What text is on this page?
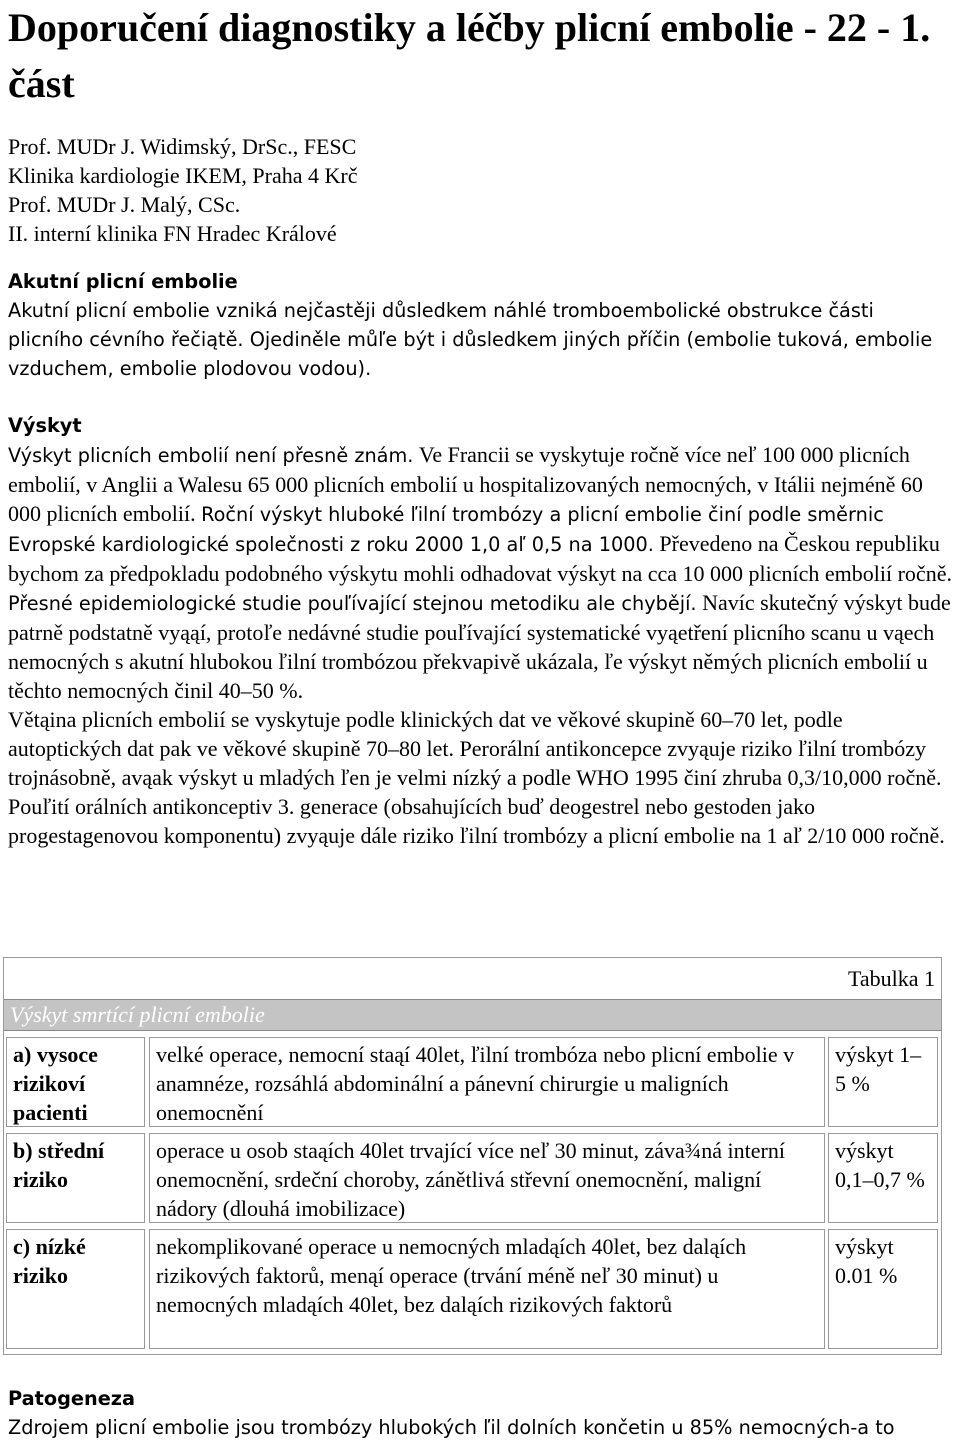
Doporučení diagnostiky a léčby plicní embolie - 22 - 1. část
Prof. MUDr J. Widimský, DrSc., FESC
Klinika kardiologie IKEM, Praha 4 Krč
Prof. MUDr J. Malý, CSc.
II. interní klinika FN Hradec Králové
Akutní plicní embolie
Akutní plicní embolie vzniká nejčastěji důsledkem náhlé tromboembolické obstrukce části plicního cévního řečiątě. Ojediněle můľe být i důsledkem jiných příčin (embolie tuková, embolie vzduchem, embolie plodovou vodou).
Výskyt
Výskyt plicních embolií není přesně znám. Ve Francii se vyskytuje ročně více neľ 100 000 plicních embolií, v Anglii a Walesu 65 000 plicních embolií u hospitalizovaných nemocných, v Itálii nejméně 60 000 plicních embolií. Roční výskyt hluboké ľilní trombózy a plicní embolie činí podle směrnic Evropské kardiologické společnosti z roku 2000 1,0 aľ 0,5 na 1000. Převedeno na Českou republiku bychom za předpokladu podobného výskytu mohli odhadovat výskyt na cca 10 000 plicních embolií ročně. Přesné epidemiologické studie pouľívající stejnou metodiku ale chybějí. Navíc skutečný výskyt bude patrně podstatně vyąąí, protoľe nedávné studie pouľívající systematické vyąetření plicního scanu u vąech nemocných s akutní hlubokou ľilní trombózou překvapivě ukázala, ľe výskyt němých plicních embolií u těchto nemocných činil 40–50 %.
Větąina plicních embolií se vyskytuje podle klinických dat ve věkové skupině 60–70 let, podle autoptických dat pak ve věkové skupině 70–80 let. Perorální antikoncepce zvyąuje riziko ľilní trombózy trojnásobně, avąak výskyt u mladých ľen je velmi nízký a podle WHO 1995 činí zhruba 0,3/10,000 ročně. Pouľití orálních antikonceptiv 3. generace (obsahujících buď deogestrel nebo gestoden jako progestagenovou komponentu) zvyąuje dále riziko ľilní trombózy a plicní embolie na 1 aľ 2/10 000 ročně.
Tabulka 1
Výskyt smrtící plicní embolie
a) vysoce rizikoví pacienti
velké operace, nemocní staąí 40let, ľilní trombóza nebo plicní embolie v anamnéze, rozsáhlá abdominální a pánevní chirurgie u maligních onemocnění
výskyt 1–5 %
b) střední riziko
operace u osob staąích 40let trvající více neľ 30 minut, záva¾ná interní onemocnění, srdeční choroby, zánětlivá střevní onemocnění, maligní nádory (dlouhá imobilizace)
výskyt 0,1–0,7 %
c) nízké riziko
nekomplikované operace u nemocných mladąích 40let, bez daląích rizikových faktorů, menąí operace (trvání méně neľ 30 minut) u nemocných mladąích 40let, bez daląích rizikových faktorů
výskyt 0.01 %
Patogeneza
Zdrojem plicní embolie jsou trombózy hlubokých ľil dolních končetin u 85% nemocných-a to
